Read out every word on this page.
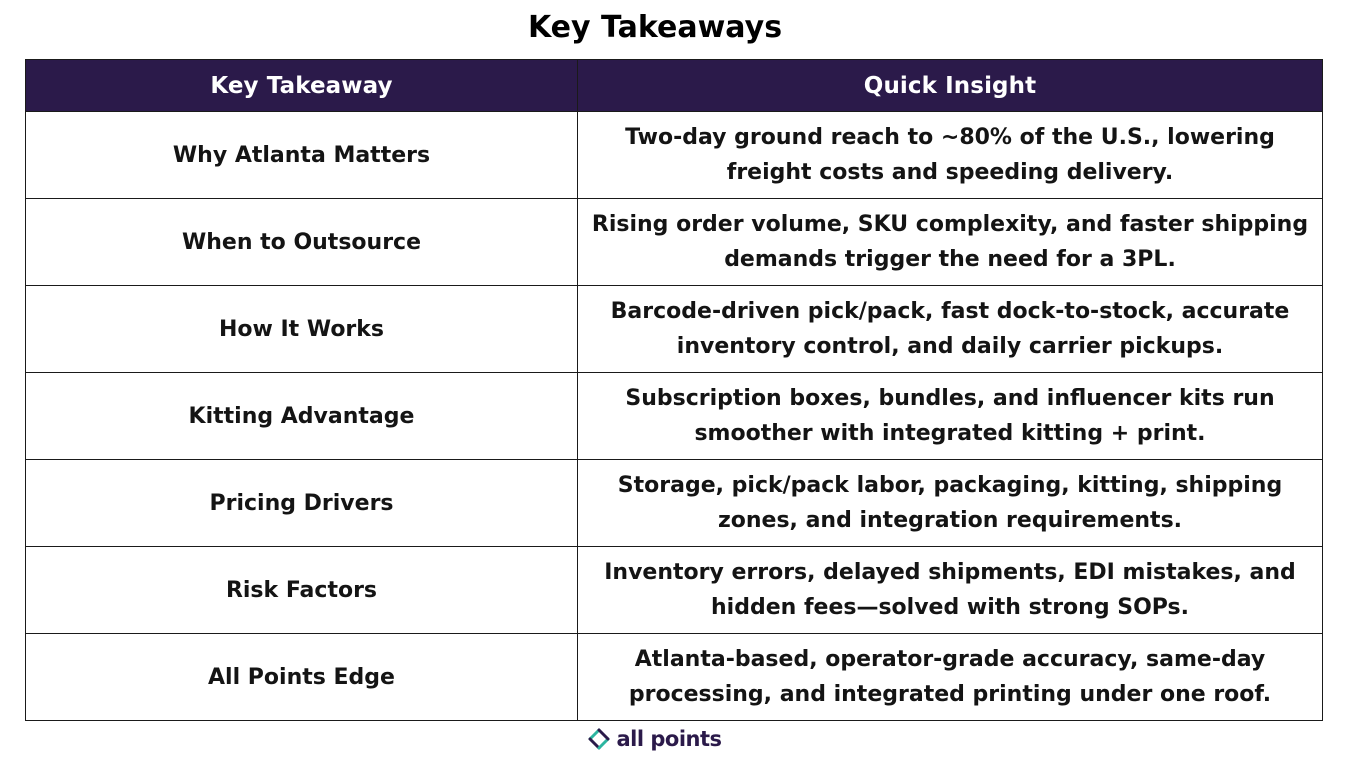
Key Takeaways
Key Takeaway	Quick Insight
Why Atlanta Matters	Two-day ground reach to ~80% of the U.S., lowering freight costs and speeding delivery.
When to Outsource	Rising order volume, SKU complexity, and faster shipping demands trigger the need for a 3PL.
How It Works	Barcode-driven pick/pack, fast dock-to-stock, accurate inventory control, and daily carrier pickups.
Kitting Advantage	Subscription boxes, bundles, and influencer kits run smoother with integrated kitting + print.
Pricing Drivers	Storage, pick/pack labor, packaging, kitting, shipping zones, and integration requirements.
Risk Factors	Inventory errors, delayed shipments, EDI mistakes, and hidden fees—solved with strong SOPs.
All Points Edge	Atlanta-based, operator-grade accuracy, same-day processing, and integrated printing under one roof.
all points
